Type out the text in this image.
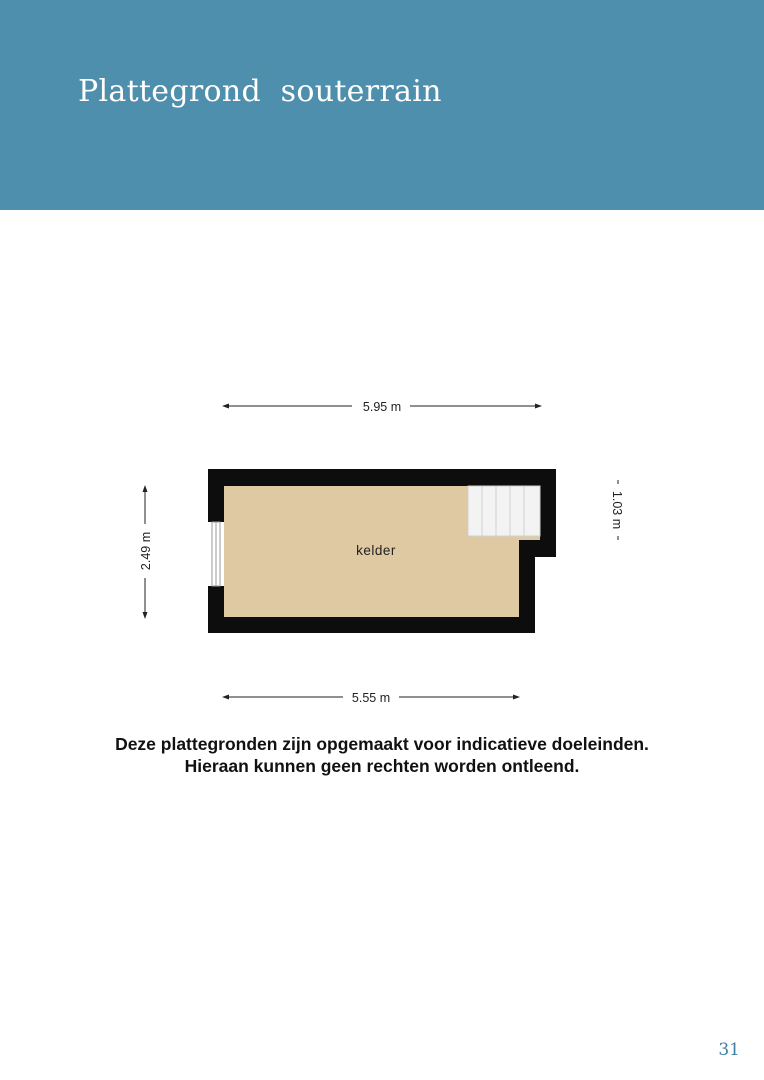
Plattegrond  souterrain
5.95 m
2.49 m
1.03 m
kelder
5.55 m
Deze plattegronden zijn opgemaakt voor indicatieve doeleinden.
Hieraan kunnen geen rechten worden ontleend.
31
